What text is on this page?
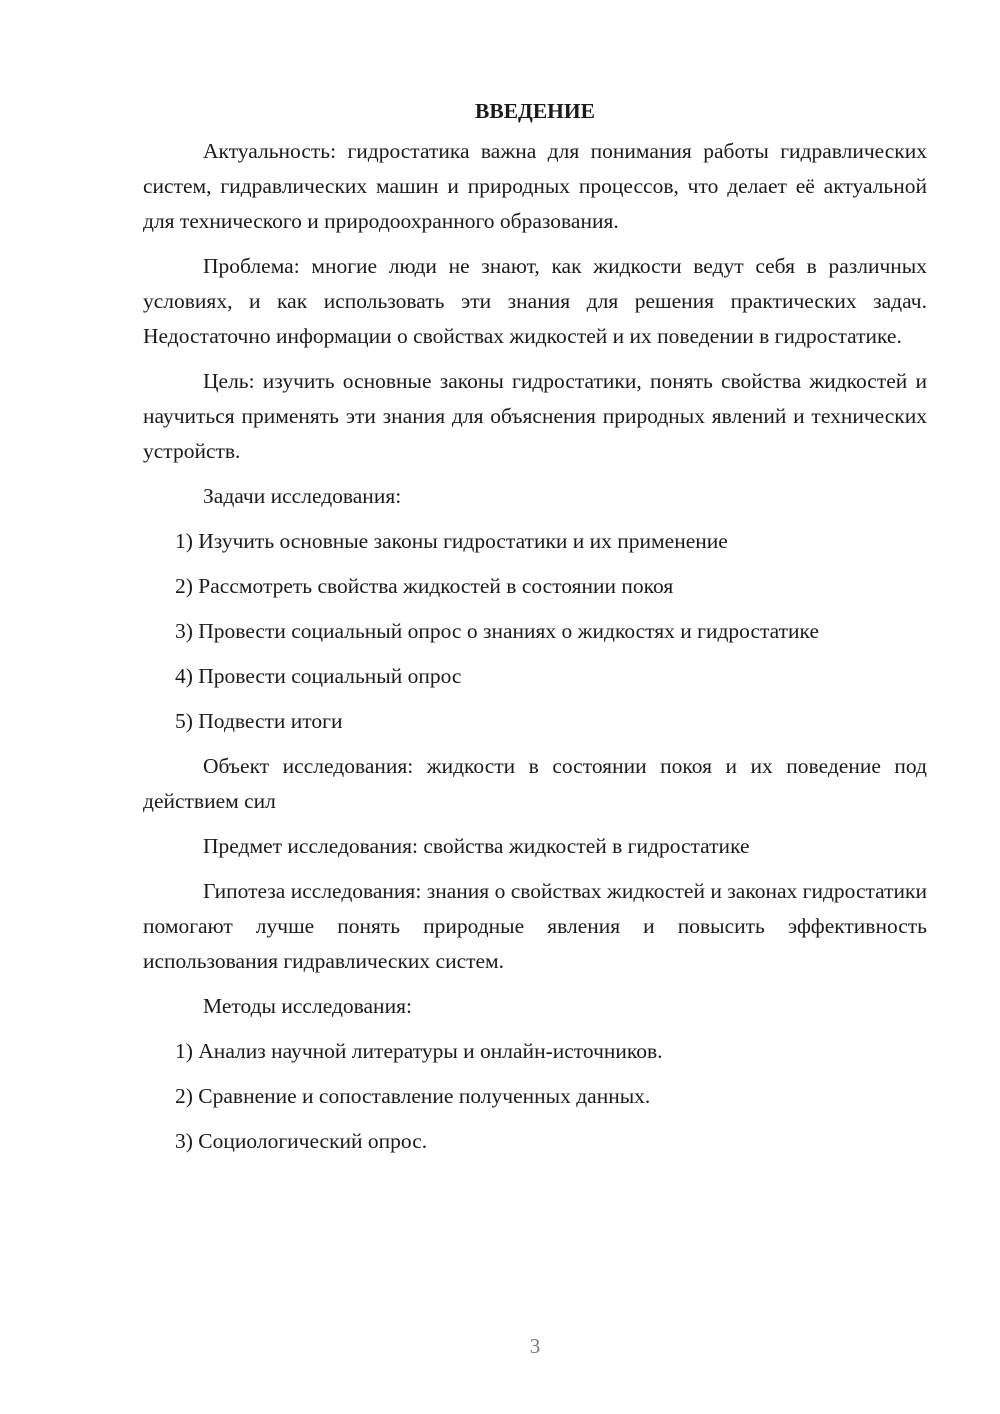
ВВЕДЕНИЕ
Актуальность: гидростатика важна для понимания работы гидравлических систем, гидравлических машин и природных процессов, что делает её актуальной для технического и природоохранного образования.
Проблема: многие люди не знают, как жидкости ведут себя в различных условиях, и как использовать эти знания для решения практических задач. Недостаточно информации о свойствах жидкостей и их поведении в гидростатике.
Цель: изучить основные законы гидростатики, понять свойства жидкостей и научиться применять эти знания для объяснения природных явлений и технических устройств.
Задачи исследования:
1) Изучить основные законы гидростатики и их применение
2) Рассмотреть свойства жидкостей в состоянии покоя
3) Провести социальный опрос о знаниях о жидкостях и гидростатике
4) Провести социальный опрос
5) Подвести итоги
Объект исследования: жидкости в состоянии покоя и их поведение под действием сил
Предмет исследования: свойства жидкостей в гидростатике
Гипотеза исследования: знания о свойствах жидкостей и законах гидростатики помогают лучше понять природные явления и повысить эффективность использования гидравлических систем.
Методы исследования:
1) Анализ научной литературы и онлайн-источников.
2) Сравнение и сопоставление полученных данных.
3) Социологический опрос.
3
